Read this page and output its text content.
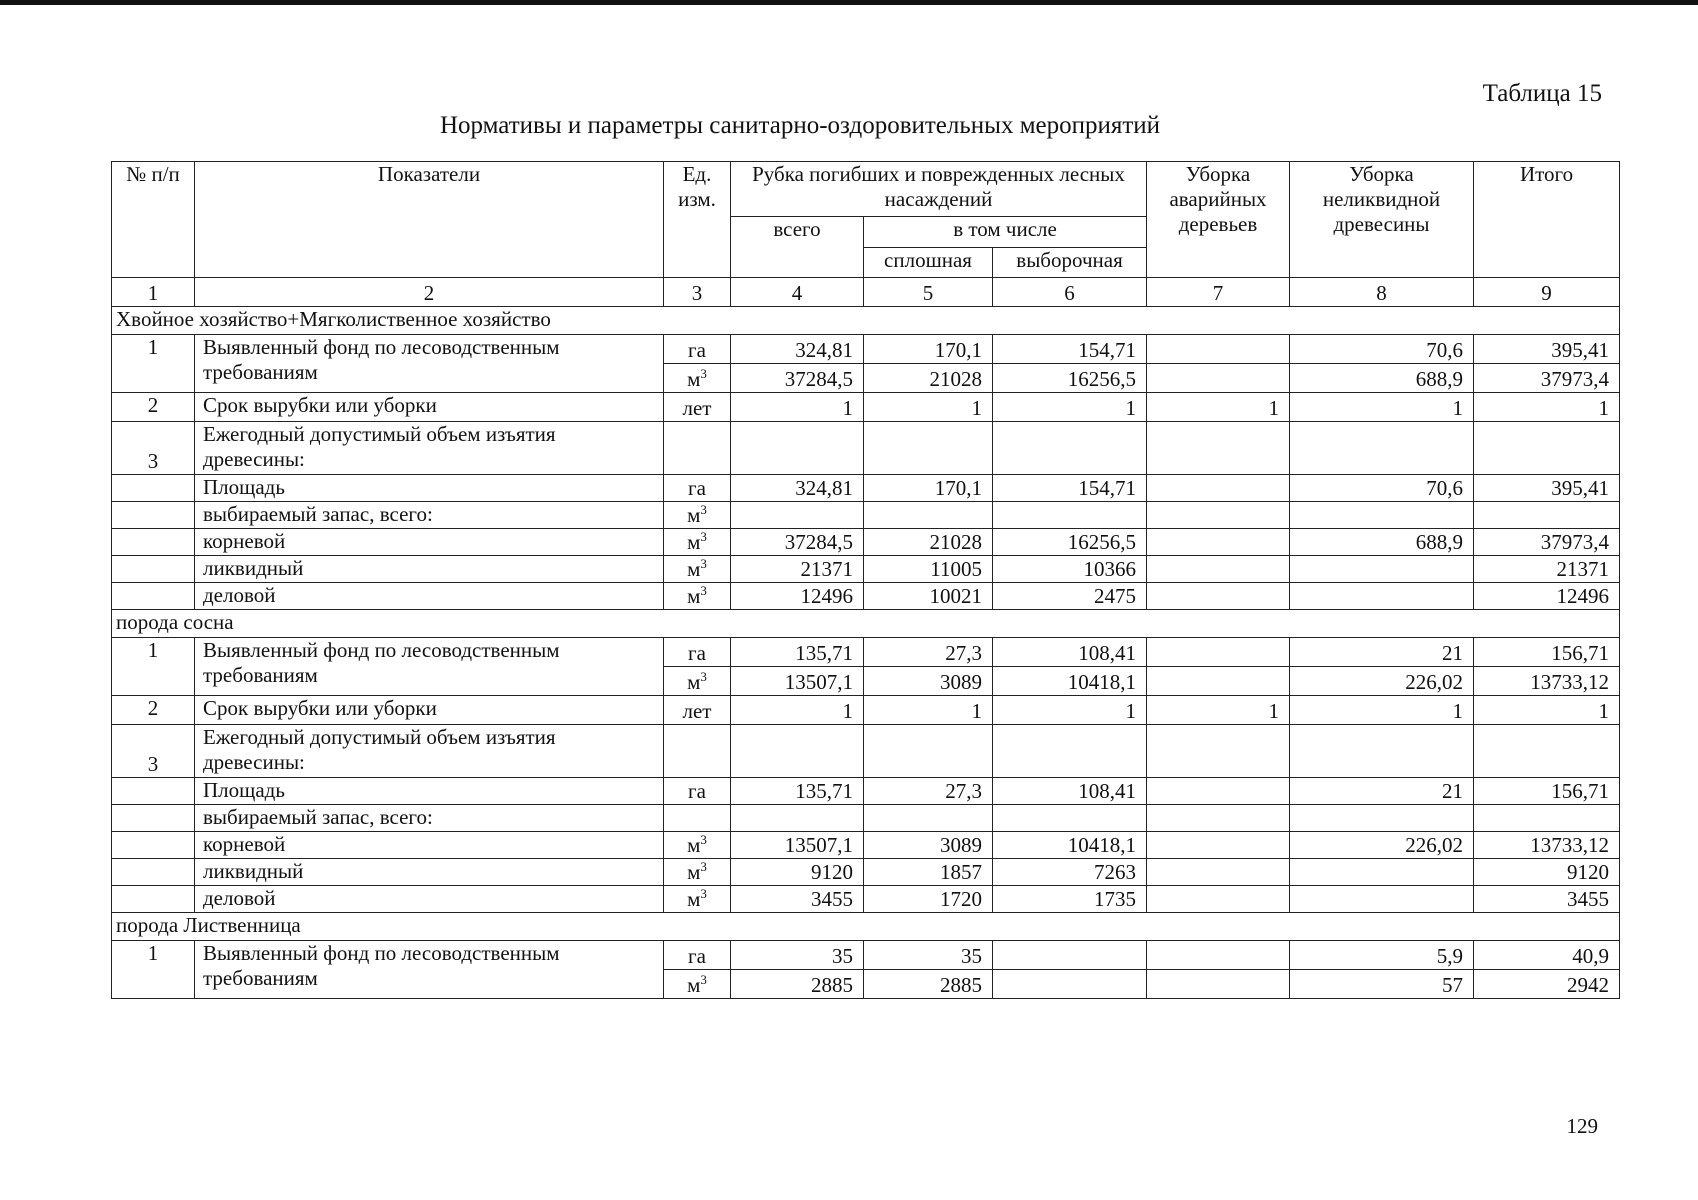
Таблица 15
Нормативы и параметры санитарно-оздоровительных мероприятий
№ п/п	Показатели	Ед. изм.	Рубка погибших и поврежденных лесных насаждений			Уборка аварийных деревьев	Уборка неликвидной древесины	Итого
			всего	в том числе				
				сплошная	выборочная			
1	2	3	4	5	6	7	8	9
Хвойное хозяйство+Мягколиственное хозяйство								
1	Выявленный фонд по лесоводственным требованиям	га	324,81	170,1	154,71		70,6	395,41
		$м^3$	37284,5	21028	16256,5		688,9	37973,4
2	Срок вырубки или уборки	лет	1	1	1	1	1	1
3	Ежегодный допустимый объем изъятия древесины:							
	Площадь	га	324,81	170,1	154,71		70,6	395,41
	выбираемый запас, всего:	$м^3$						
	корневой	$м^3$	37284,5	21028	16256,5		688,9	37973,4
	ликвидный	$м^3$	21371	11005	10366			21371
	деловой	$м^3$	12496	10021	2475			12496
порода сосна								
1	Выявленный фонд по лесоводственным требованиям	га	135,71	27,3	108,41		21	156,71
		$м^3$	13507,1	3089	10418,1		226,02	13733,12
2	Срок вырубки или уборки	лет	1	1	1	1	1	1
3	Ежегодный допустимый объем изъятия древесины:							
	Площадь	га	135,71	27,3	108,41		21	156,71
	выбираемый запас, всего:							
	корневой	$м^3$	13507,1	3089	10418,1		226,02	13733,12
	ликвидный	$м^3$	9120	1857	7263			9120
	деловой	$м^3$	3455	1720	1735			3455
порода Лиственница								
1	Выявленный фонд по лесоводственным требованиям	га	35	35			5,9	40,9
		$м^3$	2885	2885			57	2942
129
